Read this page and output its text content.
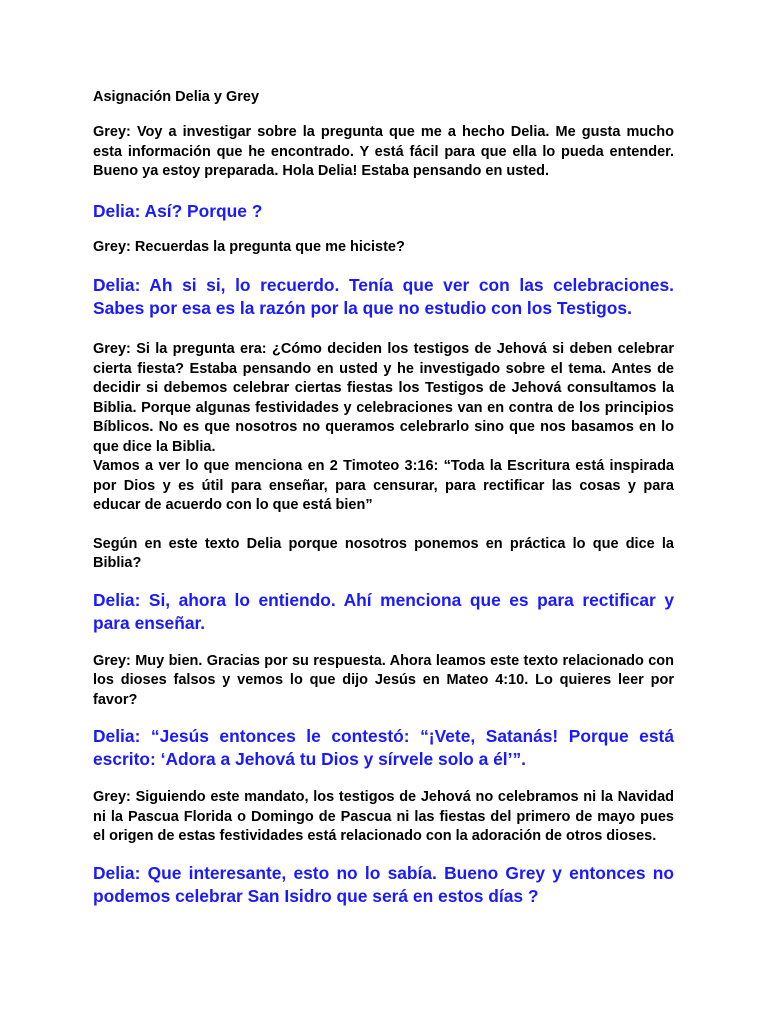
Asignación Delia y Grey

Grey: Voy a investigar sobre la pregunta que me a hecho Delia. Me gusta mucho esta información que he encontrado. Y está fácil para que ella lo pueda entender. Bueno ya estoy preparada. Hola Delia! Estaba pensando en usted.

Delia: Así? Porque ?

Grey: Recuerdas la pregunta que me hiciste?

Delia: Ah si si, lo recuerdo. Tenía que ver con las celebraciones. Sabes por esa es la razón por la que no estudio con los Testigos.

Grey: Si la pregunta era: ¿Cómo deciden los testigos de Jehová si deben celebrar cierta fiesta? Estaba pensando en usted y he investigado sobre el tema. Antes de decidir si debemos celebrar ciertas fiestas los Testigos de Jehová consultamos la Biblia. Porque algunas festividades y celebraciones van en contra de los principios Bíblicos. No es que nosotros no queramos celebrarlo sino que nos basamos en lo que dice la Biblia.

Vamos a ver lo que menciona en 2 Timoteo 3:16: “Toda la Escritura está inspirada por Dios y es útil para enseñar, para censurar, para rectificar las cosas y para educar de acuerdo con lo que está bien”

Según en este texto Delia porque nosotros ponemos en práctica lo que dice la Biblia?

Delia: Si, ahora lo entiendo. Ahí menciona que es para rectificar y para enseñar.

Grey: Muy bien. Gracias por su respuesta. Ahora leamos este texto relacionado con los dioses falsos y vemos lo que dijo Jesús en Mateo 4:10. Lo quieres leer por favor?

Delia: “Jesús entonces le contestó: “¡Vete, Satanás! Porque está escrito: ‘Adora a Jehová tu Dios y sírvele solo a él’”.

Grey: Siguiendo este mandato, los testigos de Jehová no celebramos ni la Navidad ni la Pascua Florida o Domingo de Pascua ni las fiestas del primero de mayo pues el origen de estas festividades está relacionado con la adoración de otros dioses.

Delia: Que interesante, esto no lo sabía. Bueno Grey y entonces no podemos celebrar San Isidro que será en estos días ?
